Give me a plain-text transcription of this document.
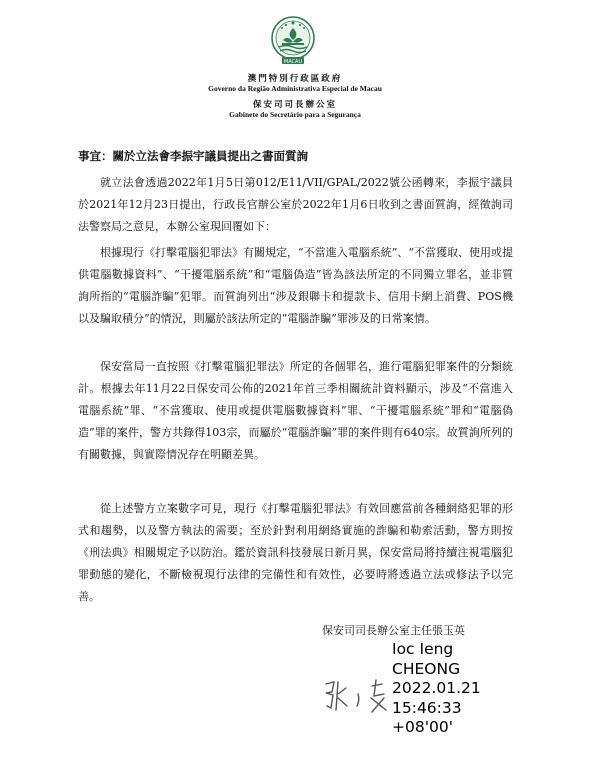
MACAU
澳門特別行政區政府
Governo da Região Administrativa Especial de Macau
保安司司長辦公室
Gabinete do Secretário para a Segurança
事宜：關於立法會李振宇議員提出之書面質詢

就立法會透過2022年1月5日第012/E11/VII/GPAL/2022號公函轉來，李振宇議員於2021年12月23日提出，行政長官辦公室於2022年1月6日收到之書面質詢，經徵詢司法警察局之意見，本辦公室現回覆如下：

根據現行《打擊電腦犯罪法》有關規定，“不當進入電腦系統”、“不當獲取、使用或提供電腦數據資料”、“干擾電腦系統”和“電腦偽造”皆為該法所定的不同獨立罪名，並非質詢所指的“電腦詐騙”犯罪。而質詢列出“涉及銀聯卡和提款卡、信用卡網上消費、POS機以及騙取積分”的情況，則屬於該法所定的“電腦詐騙”罪涉及的日常案情。

保安當局一直按照《打擊電腦犯罪法》所定的各個罪名，進行電腦犯罪案件的分類統計。根據去年11月22日保安司公佈的2021年首三季相關統計資料顯示，涉及“不當進入電腦系統”罪、“不當獲取、使用或提供電腦數據資料”罪、“干擾電腦系統”罪和“電腦偽造”罪的案件，警方共錄得103宗，而屬於“電腦詐騙”罪的案件則有640宗。故質詢所列的有關數據，與實際情況存在明顯差異。

從上述警方立案數字可見，現行《打擊電腦犯罪法》有效回應當前各種網絡犯罪的形式和趨勢，以及警方執法的需要；至於針對利用網絡實施的詐騙和勒索活動，警方則按《刑法典》相關規定予以防治。鑑於資訊科技發展日新月異，保安當局將持續注視電腦犯罪動態的變化，不斷檢視現行法律的完備性和有效性，必要時將透過立法或修法予以完善。

保安司司長辦公室主任張玉英
Ioc Ieng
CHEONG
2022.01.21
15:46:33
+08'00'
